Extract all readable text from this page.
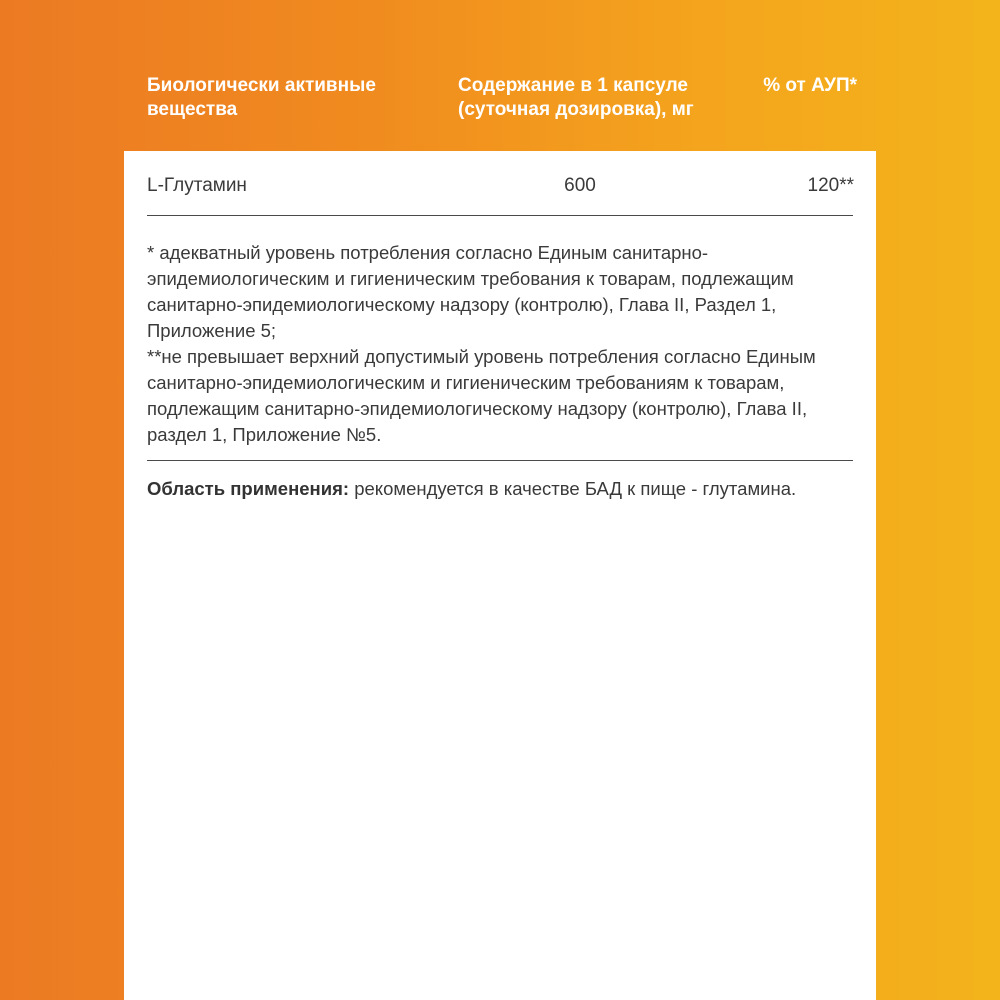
Биологически активные вещества
Содержание в 1 капсуле (суточная дозировка), мг
% от АУП*
L-Глутамин	600	120**

* адекватный уровень потребления согласно Единым санитарно-эпидемиологическим и гигиеническим требования к товарам, подлежащим санитарно-эпидемиологическому надзору (контролю), Глава II, Раздел 1, Приложение 5;

**не превышает верхний допустимый уровень потребления согласно Единым санитарно-эпидемиологическим и гигиеническим требованиям к товарам, подлежащим санитарно-эпидемиологическому надзору (контролю), Глава II, раздел 1, Приложение №5.

Область применения: рекомендуется в качестве БАД к пище - глутамина.
